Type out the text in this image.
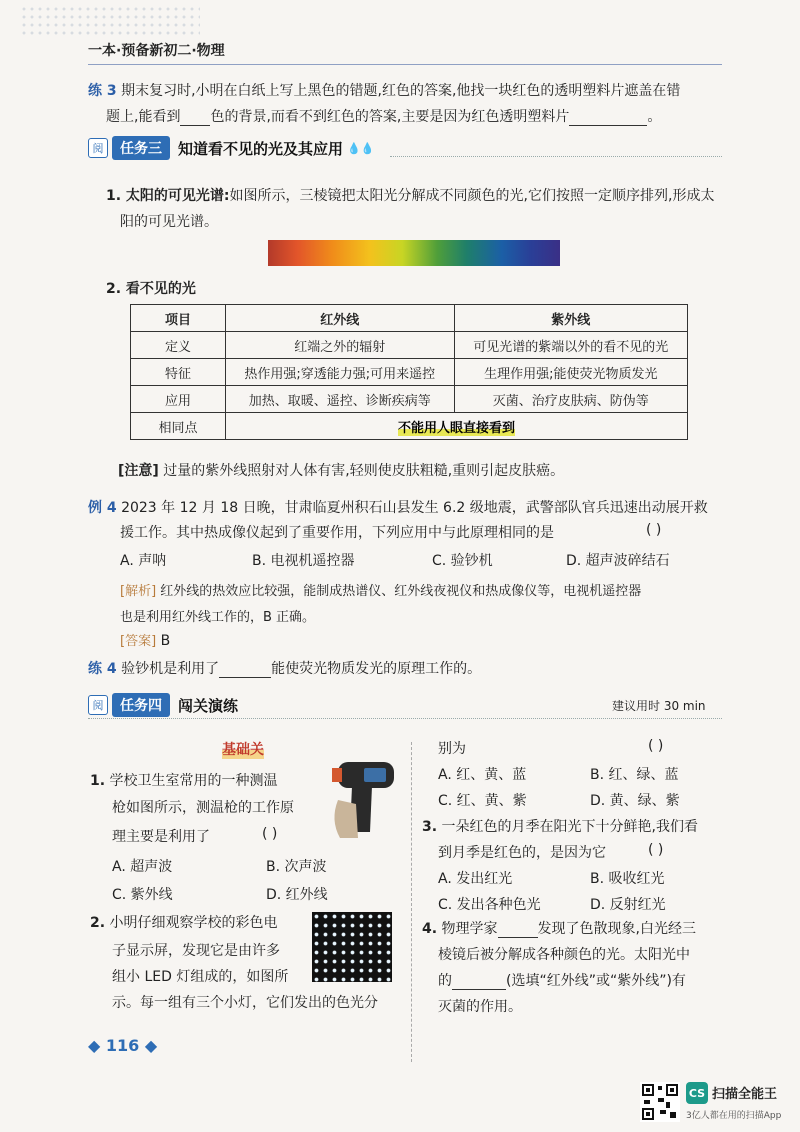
一本·预备新初二·物理
练 3 期末复习时,小明在白纸上写上黑色的错题,红色的答案,他找一块红色的透明塑料片遮盖在错
题上,能看到 色的背景,而看不到红色的答案,主要是因为红色透明塑料片	。
阅	任务三	知道看不见的光及其应用 💧💧
1. 太阳的可见光谱:如图所示，三棱镜把太阳光分解成不同颜色的光,它们按照一定顺序排列,形成太
阳的可见光谱。
2. 看不见的光
项目	红外线	紫外线
定义	红端之外的辐射	可见光谱的紫端以外的看不见的光
特征	热作用强;穿透能力强;可用来遥控	生理作用强;能使荧光物质发光
应用	加热、取暖、遥控、诊断疾病等	灭菌、治疗皮肤病、防伪等
相同点	不能用人眼直接看到	
[注意] 过量的紫外线照射对人体有害,轻则使皮肤粗糙,重则引起皮肤癌。
例 4 2023 年 12 月 18 日晚，甘肃临夏州积石山县发生 6.2 级地震，武警部队官兵迅速出动展开救
援工作。其中热成像仪起到了重要作用，下列应用中与此原理相同的是	( )
A. 声呐	B. 电视机遥控器	C. 验钞机	D. 超声波碎结石
[解析] 红外线的热效应比较强，能制成热谱仪、红外线夜视仪和热成像仪等，电视机遥控器
也是利用红外线工作的，B 正确。
[答案] B
练 4 验钞机是利用了	能使荧光物质发光的原理工作的。
阅	任务四	闯关演练	建议用时 30 min
基础关
1. 学校卫生室常用的一种测温
枪如图所示，测温枪的工作原
理主要是利用了	( )
A. 超声波	B. 次声波
C. 紫外线	D. 红外线
2. 小明仔细观察学校的彩色电
子显示屏，发现它是由许多
组小 LED 灯组成的，如图所
示。每一组有三个小灯，它们发出的色光分
别为	( )
A. 红、黄、蓝	B. 红、绿、蓝
C. 红、黄、紫	D. 黄、绿、紫
3. 一朵红色的月季在阳光下十分鲜艳,我们看
到月季是红色的，是因为它	( )
A. 发出红光	B. 吸收红光
C. 发出各种色光	D. 反射红光
4. 物理学家	发现了色散现象,白光经三
棱镜后被分解成各种颜色的光。太阳光中
的	(选填“红外线”或“紫外线”)有
灭菌的作用。
◆ 116 ◆
CS 扫描全能王
3亿人都在用的扫描App
